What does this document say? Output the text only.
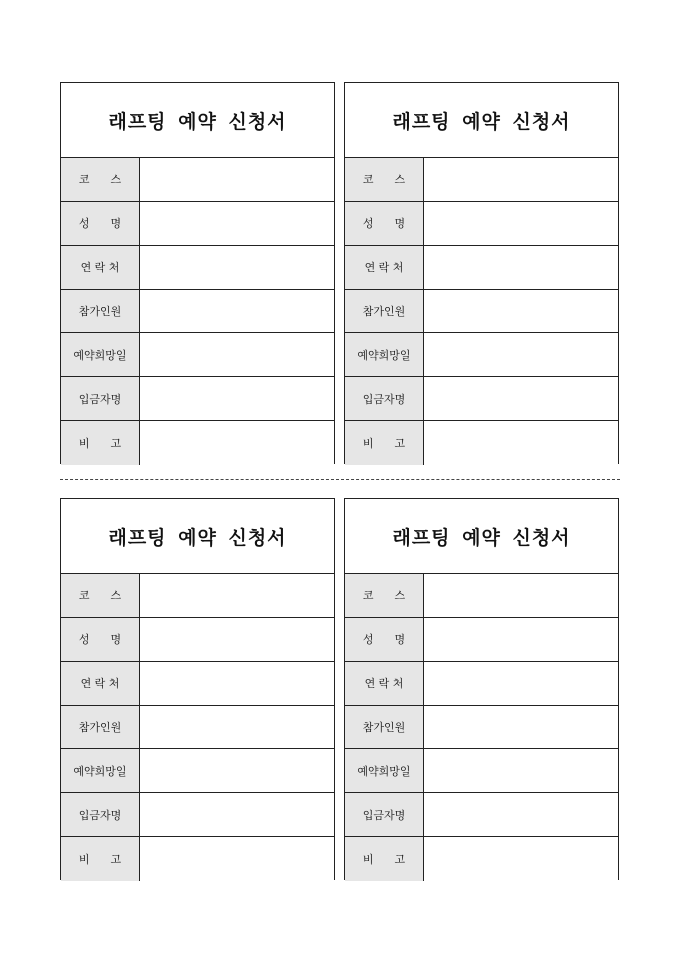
래프팅 예약 신청서
코      스
성      명
연 락 처
참가인원
예약희망일
입금자명
비      고
래프팅 예약 신청서
코      스
성      명
연 락 처
참가인원
예약희망일
입금자명
비      고
래프팅 예약 신청서
코      스
성      명
연 락 처
참가인원
예약희망일
입금자명
비      고
래프팅 예약 신청서
코      스
성      명
연 락 처
참가인원
예약희망일
입금자명
비      고
